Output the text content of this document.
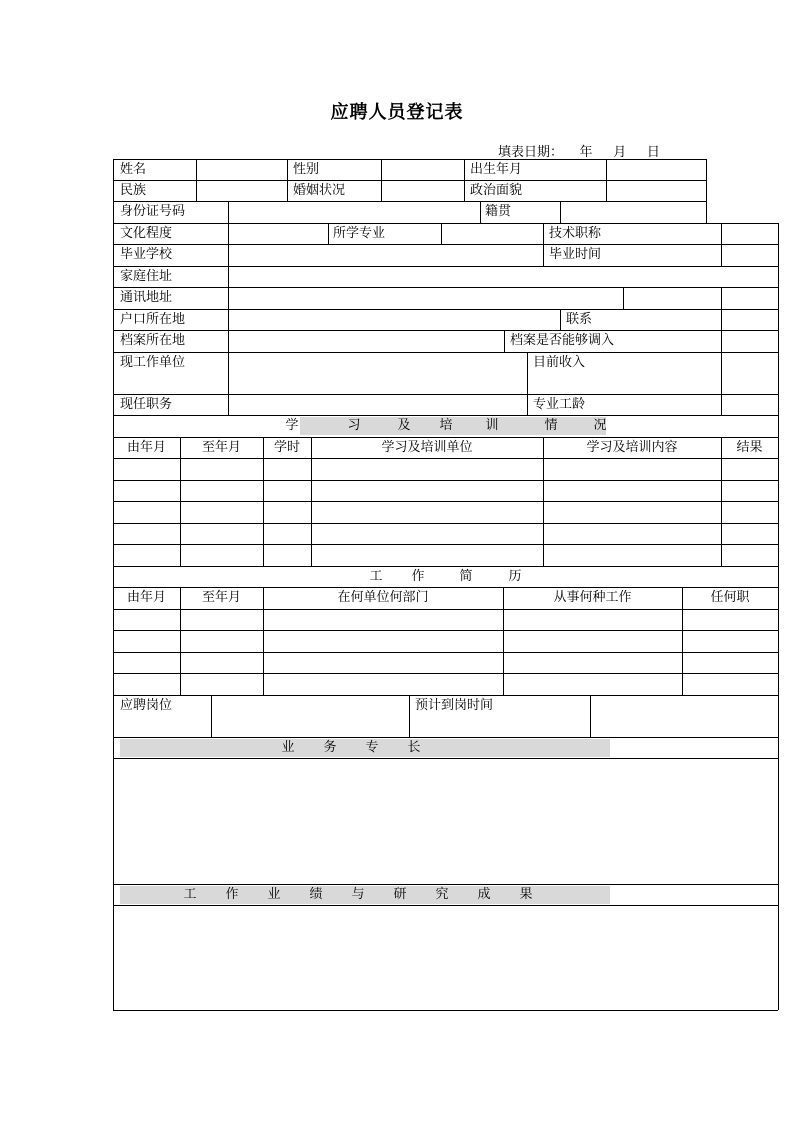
应聘人员登记表
填表日期： 年 月 日
姓名	性别	出生年月
民族	婚姻状况	政治面貌
身份证号码	籍贯
文化程度	所学专业	技术职称
毕业学校	毕业时间
家庭住址
通讯地址
户口所在地	联系
档案所在地	档案是否能够调入
现工作单位	目前收入
现任职务	专业工龄
学	习	及 培	训	情	况
由年月	至年月	学时	学习及培训单位	学习及培训内容	结果
工 作	简	历
由年月	至年月	在何单位何部门	从事何种工作	任何职
应聘岗位	预计到岗时间
业 务 专 长
工 作 业 绩 与 研 究 成 果
